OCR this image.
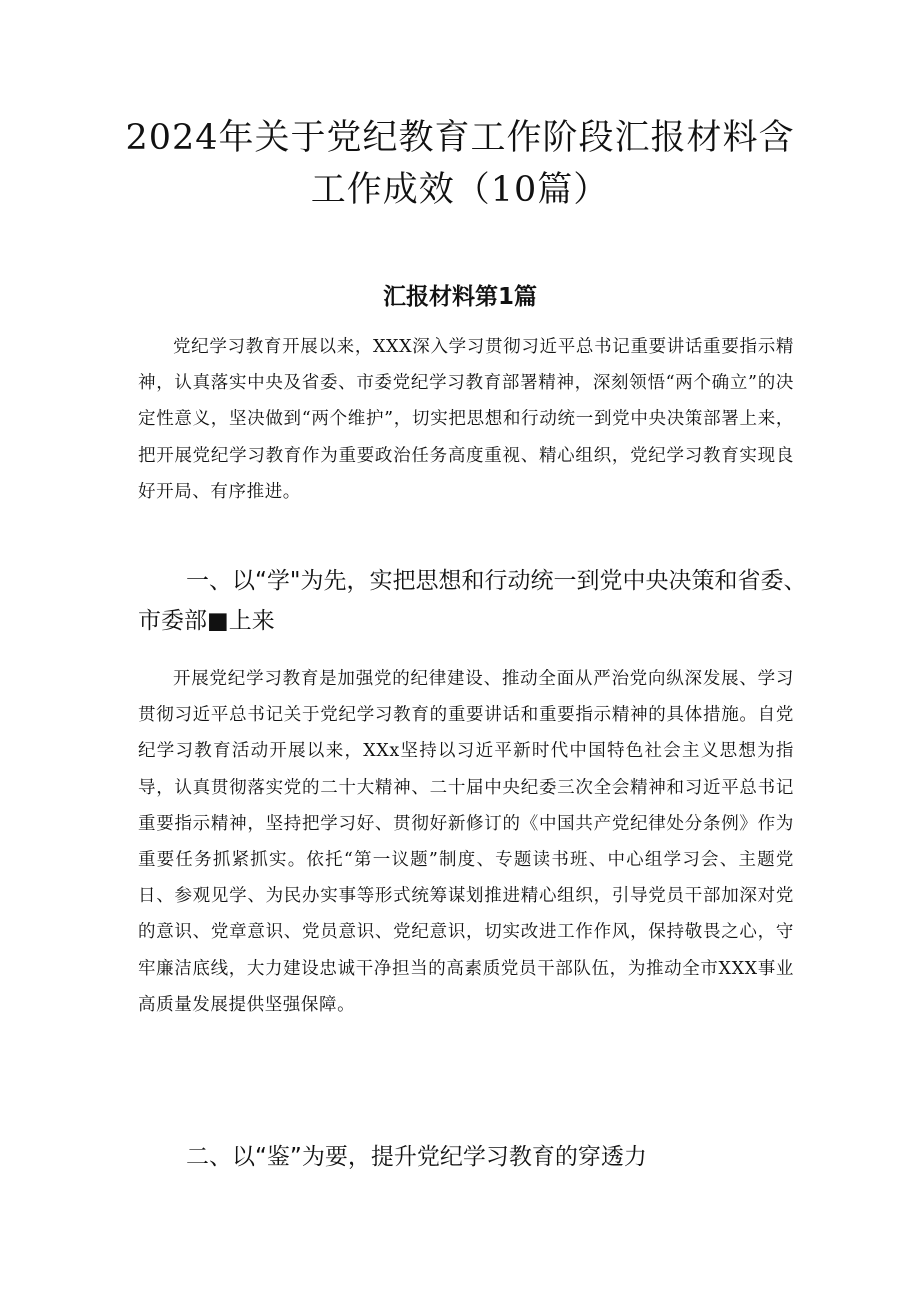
2024年关于党纪教育工作阶段汇报材料含
工作成效（10篇）
汇报材料第1篇

党纪学习教育开展以来，XXX深入学习贯彻习近平总书记重要讲话重要指示精神，认真落实中央及省委、市委党纪学习教育部署精神，深刻领悟“两个确立”的决定性意义，坚决做到“两个维护”，切实把思想和行动统一到党中央决策部署上来，把开展党纪学习教育作为重要政治任务高度重视、精心组织，党纪学习教育实现良好开局、有序推进。

一、以“学"为先，实把思想和行动统一到党中央决策和省委、市委部■上来

开展党纪学习教育是加强党的纪律建设、推动全面从严治党向纵深发展、学习贯彻习近平总书记关于党纪学习教育的重要讲话和重要指示精神的具体措施。自党纪学习教育活动开展以来，XXx坚持以习近平新时代中国特色社会主义思想为指导，认真贯彻落实党的二十大精神、二十届中央纪委三次全会精神和习近平总书记重要指示精神，坚持把学习好、贯彻好新修订的《中国共产党纪律处分条例》作为重要任务抓紧抓实。依托“第一议题”制度、专题读书班、中心组学习会、主题党日、参观见学、为民办实事等形式统筹谋划推进精心组织，引导党员干部加深对党的意识、党章意识、党员意识、党纪意识，切实改进工作作风，保持敬畏之心，守牢廉洁底线，大力建设忠诚干净担当的高素质党员干部队伍，为推动全市XXX事业高质量发展提供坚强保障。

二、以“鉴”为要，提升党纪学习教育的穿透力
